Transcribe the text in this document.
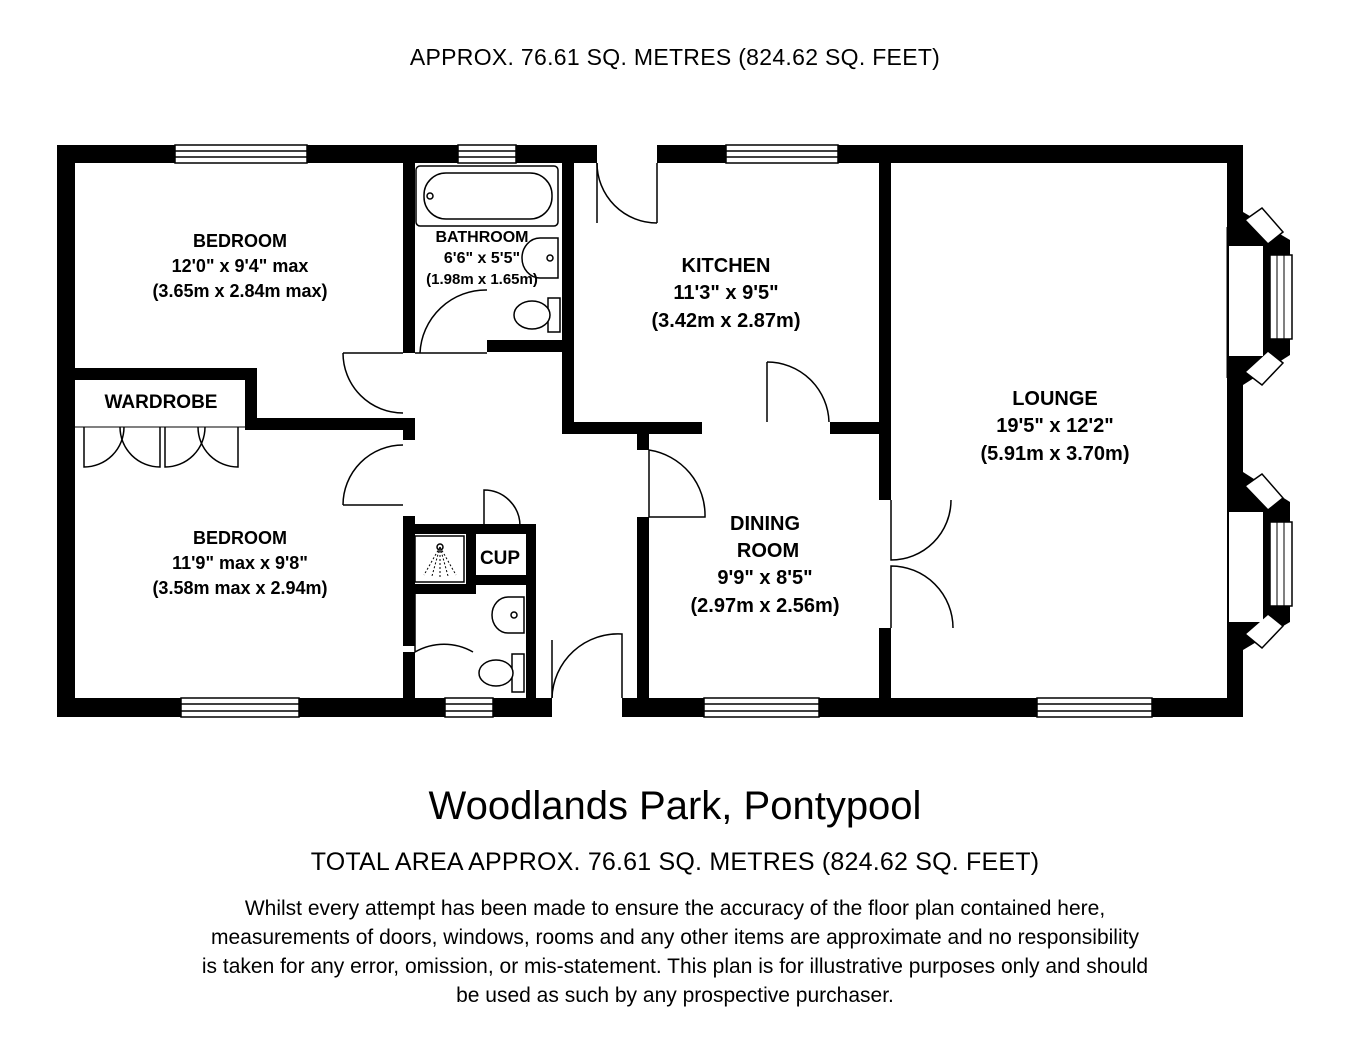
APPROX. 76.61 SQ. METRES (824.62 SQ. FEET)
BEDROOM
12'0" x 9'4" max
(3.65m x 2.84m max)
BATHROOM
6'6" x 5'5"
(1.98m x 1.65m)
KITCHEN
11'3" x 9'5"
(3.42m x 2.87m)
LOUNGE
19'5" x 12'2"
(5.91m x 3.70m)
WARDROBE
BEDROOM
11'9" max x 9'8"
(3.58m max x 2.94m)
CUP
DINING
ROOM
9'9" x 8'5"
(2.97m x 2.56m)
Woodlands Park, Pontypool
TOTAL AREA APPROX. 76.61 SQ. METRES (824.62 SQ. FEET)
Whilst every attempt has been made to ensure the accuracy of the floor plan contained here,
measurements of doors, windows, rooms and any other items are approximate and no responsibility
is taken for any error, omission, or mis-statement. This plan is for illustrative purposes only and should
be used as such by any prospective purchaser.
